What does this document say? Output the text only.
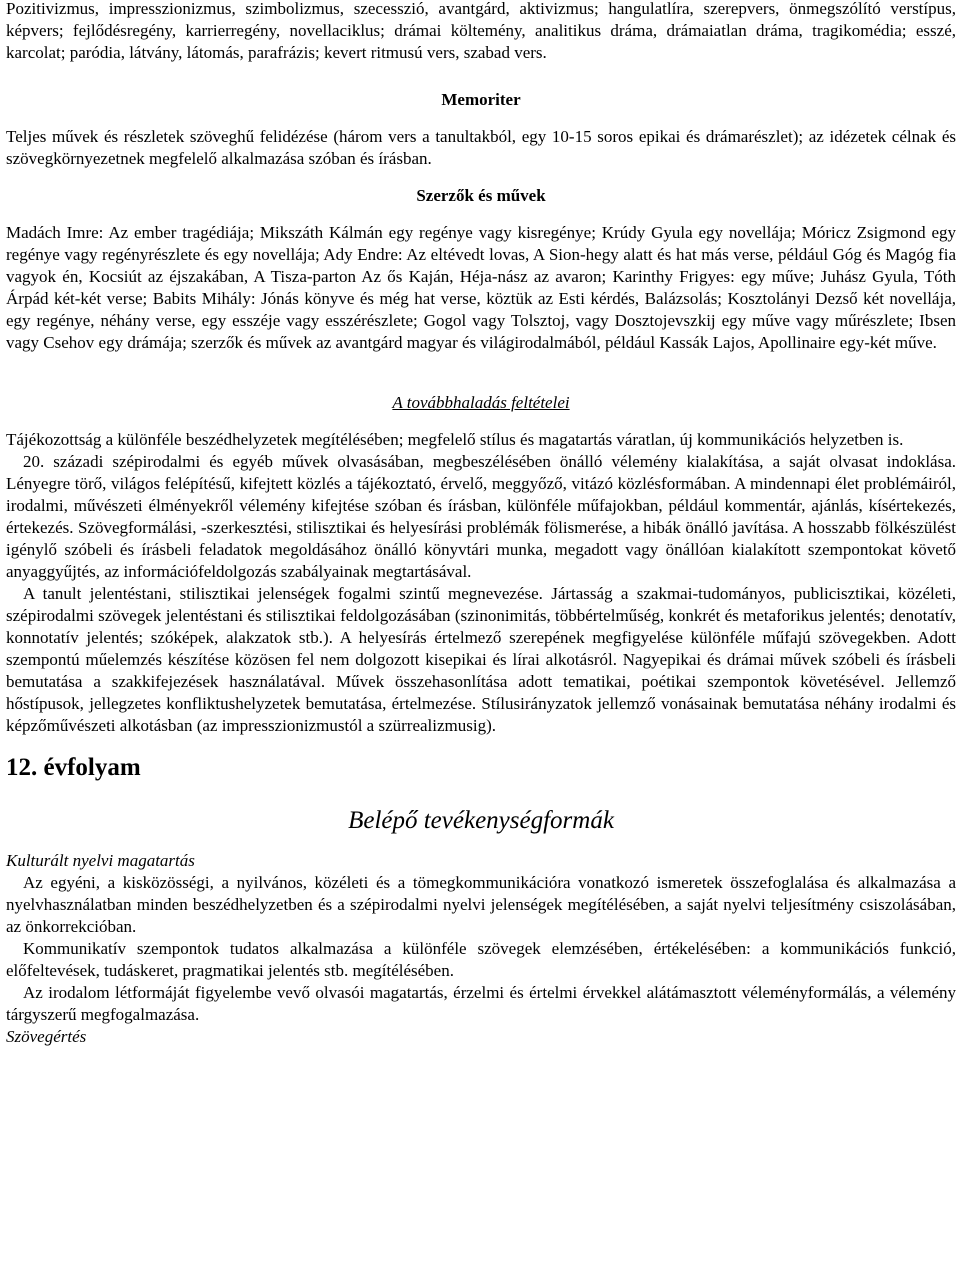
Pozitivizmus, impresszionizmus, szimbolizmus, szecesszió, avantgárd, aktivizmus; hangulatlíra, szerepvers, önmegszólító verstípus, képvers; fejlődésregény, karrierregény, novellaciklus; drámai költemény, analitikus dráma, drámaiatlan dráma, tragikomédia; esszé, karcolat; paródia, látvány, látomás, parafrázis; kevert ritmusú vers, szabad vers.

Memoriter

Teljes művek és részletek szöveghű felidézése (három vers a tanultakból, egy 10-15 soros epikai és drámarészlet); az idézetek célnak és szövegkörnyezetnek megfelelő alkalmazása szóban és írásban.

Szerzők és művek

Madách Imre: Az ember tragédiája; Mikszáth Kálmán egy regénye vagy kisregénye; Krúdy Gyula egy novellája; Móricz Zsigmond egy regénye vagy regényrészlete és egy novellája; Ady Endre: Az eltévedt lovas, A Sion-hegy alatt és hat más verse, például Góg és Magóg fia vagyok én, Kocsiút az éjszakában, A Tisza-parton Az ős Kaján, Héja-nász az avaron; Karinthy Frigyes: egy műve; Juhász Gyula, Tóth Árpád két-két verse; Babits Mihály: Jónás könyve és még hat verse, köztük az Esti kérdés, Balázsolás; Kosztolányi Dezső két novellája, egy regénye, néhány verse, egy esszéje vagy esszérészlete; Gogol vagy Tolsztoj, vagy Dosztojevszkij egy műve vagy műrészlete; Ibsen vagy Csehov egy drámája; szerzők és művek az avantgárd magyar és világirodalmából, például Kassák Lajos, Apollinaire egy-két műve.

A továbbhaladás feltételei

Tájékozottság a különféle beszédhelyzetek megítélésében; megfelelő stílus és magatartás váratlan, új kommunikációs helyzetben is.

20. századi szépirodalmi és egyéb művek olvasásában, megbeszélésében önálló vélemény kialakítása, a saját olvasat indoklása. Lényegre törő, világos felépítésű, kifejtett közlés a tájékoztató, érvelő, meggyőző, vitázó közlésformában. A mindennapi élet problémáiról, irodalmi, művészeti élményekről vélemény kifejtése szóban és írásban, különféle műfajokban, például kommentár, ajánlás, kísértekezés, értekezés. Szövegformálási, -szerkesztési, stilisztikai és helyesírási problémák fölismerése, a hibák önálló javítása. A hosszabb fölkészülést igénylő szóbeli és írásbeli feladatok megoldásához önálló könyvtári munka, megadott vagy önállóan kialakított szempontokat követő anyaggyűjtés, az információfeldolgozás szabályainak megtartásával.

A tanult jelentéstani, stilisztikai jelenségek fogalmi szintű megnevezése. Jártasság a szakmai-tudományos, publicisztikai, közéleti, szépirodalmi szövegek jelentéstani és stilisztikai feldolgozásában (szinonimitás, többértelműség, konkrét és metaforikus jelentés; denotatív, konnotatív jelentés; szóképek, alakzatok stb.). A helyesírás értelmező szerepének megfigyelése különféle műfajú szövegekben. Adott szempontú műelemzés készítése közösen fel nem dolgozott kisepikai és lírai alkotásról. Nagyepikai és drámai művek szóbeli és írásbeli bemutatása a szakkifejezések használatával. Művek összehasonlítása adott tematikai, poétikai szempontok követésével. Jellemző hőstípusok, jellegzetes konfliktushelyzetek bemutatása, értelmezése. Stílusirányzatok jellemző vonásainak bemutatása néhány irodalmi és képzőművészeti alkotásban (az impresszionizmustól a szürrealizmusig).

12. évfolyam

Belépő tevékenységformák

Kulturált nyelvi magatartás

Az egyéni, a kisközösségi, a nyilvános, közéleti és a tömegkommunikációra vonatkozó ismeretek összefoglalása és alkalmazása a nyelvhasználatban minden beszédhelyzetben és a szépirodalmi nyelvi jelenségek megítélésében, a saját nyelvi teljesítmény csiszolásában, az önkorrekcióban.

Kommunikatív szempontok tudatos alkalmazása a különféle szövegek elemzésében, értékelésében: a kommunikációs funkció, előfeltevések, tudáskeret, pragmatikai jelentés stb. megítélésében.

Az irodalom létformáját figyelembe vevő olvasói magatartás, érzelmi és értelmi érvekkel alátámasztott véleményformálás, a vélemény tárgyszerű megfogalmazása.

Szövegértés
